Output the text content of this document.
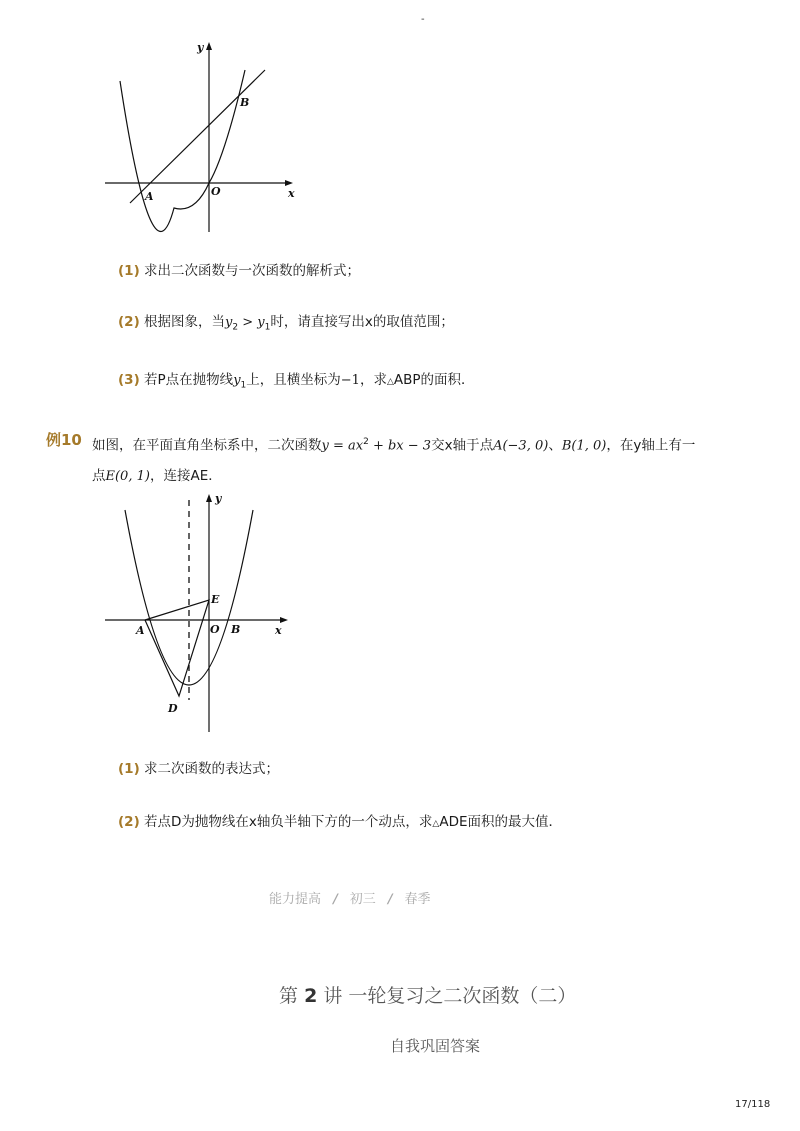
-
y
x
O
A
B
(1) 求出二次函数与一次函数的解析式；
(2) 根据图象，当$y_2 > y_1$时，请直接写出x的取值范围；
(3) 若P点在抛物线$y_1$上，且横坐标为−1，求△ABP的面积．
例10 如图，在平面直角坐标系中，二次函数$y = ax^2$ + bx − 3交x轴于点A(−3, 0)、B(1, 0)，在y轴上有一
点E(0, 1)，连接AE．
y
x
O
A	B
E
D
(1) 求二次函数的表达式；
(2) 若点D为抛物线在x轴负半轴下方的一个动点，求△ADE面积的最大值．
能力提高 / 初三 / 春季
第 2 讲 一轮复习之二次函数（二）
自我巩固答案
17/118
